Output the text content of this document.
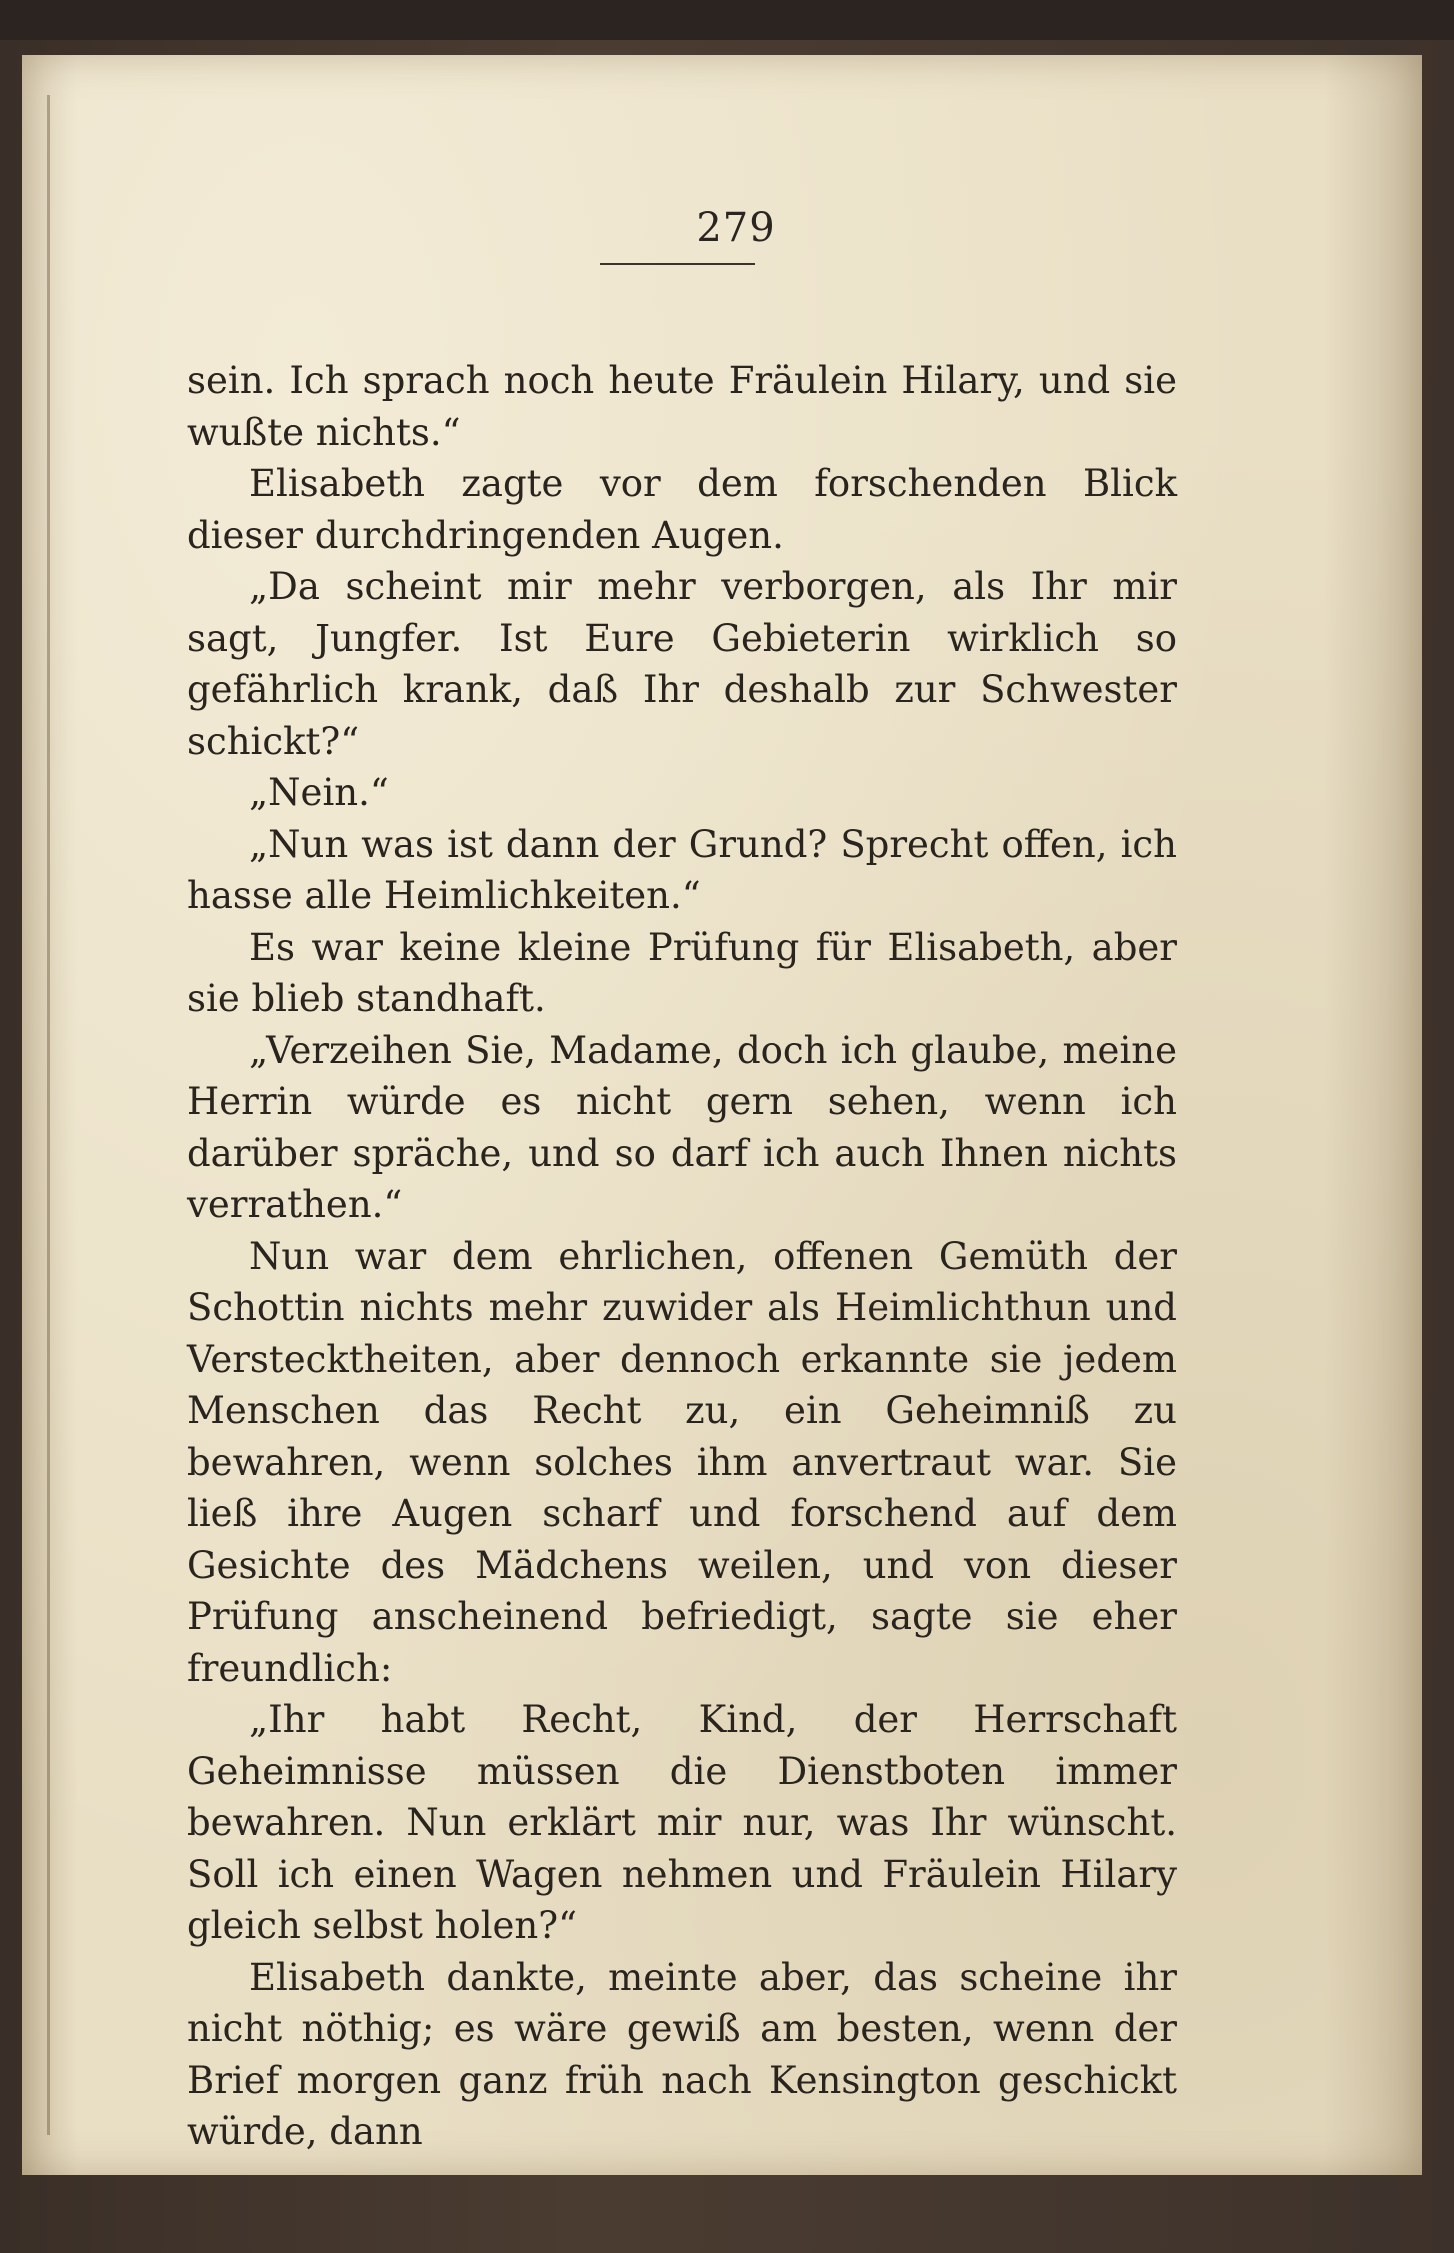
279

sein. Ich sprach noch heute Fräulein Hilary, und sie wußte nichts.“

Elisabeth zagte vor dem forschenden Blick dieser durchdringenden Augen.

„Da scheint mir mehr verborgen, als Ihr mir sagt, Jungfer. Ist Eure Gebieterin wirklich so gefährlich krank, daß Ihr deshalb zur Schwester schickt?“

„Nein.“

„Nun was ist dann der Grund? Sprecht offen, ich hasse alle Heimlichkeiten.“

Es war keine kleine Prüfung für Elisabeth, aber sie blieb standhaft.

„Verzeihen Sie, Madame, doch ich glaube, meine Herrin würde es nicht gern sehen, wenn ich darüber spräche, und so darf ich auch Ihnen nichts verrathen.“

Nun war dem ehrlichen, offenen Gemüth der Schottin nichts mehr zuwider als Heimlichthun und Verstecktheiten, aber dennoch erkannte sie jedem Menschen das Recht zu, ein Geheimniß zu bewahren, wenn solches ihm anvertraut war. Sie ließ ihre Augen scharf und forschend auf dem Gesichte des Mädchens weilen, und von dieser Prüfung anscheinend befriedigt, sagte sie eher freundlich:

„Ihr habt Recht, Kind, der Herrschaft Geheimnisse müssen die Dienstboten immer bewahren. Nun erklärt mir nur, was Ihr wünscht. Soll ich einen Wagen nehmen und Fräulein Hilary gleich selbst holen?“

Elisabeth dankte, meinte aber, das scheine ihr nicht nöthig; es wäre gewiß am besten, wenn der Brief morgen ganz früh nach Kensington geschickt würde, dann
